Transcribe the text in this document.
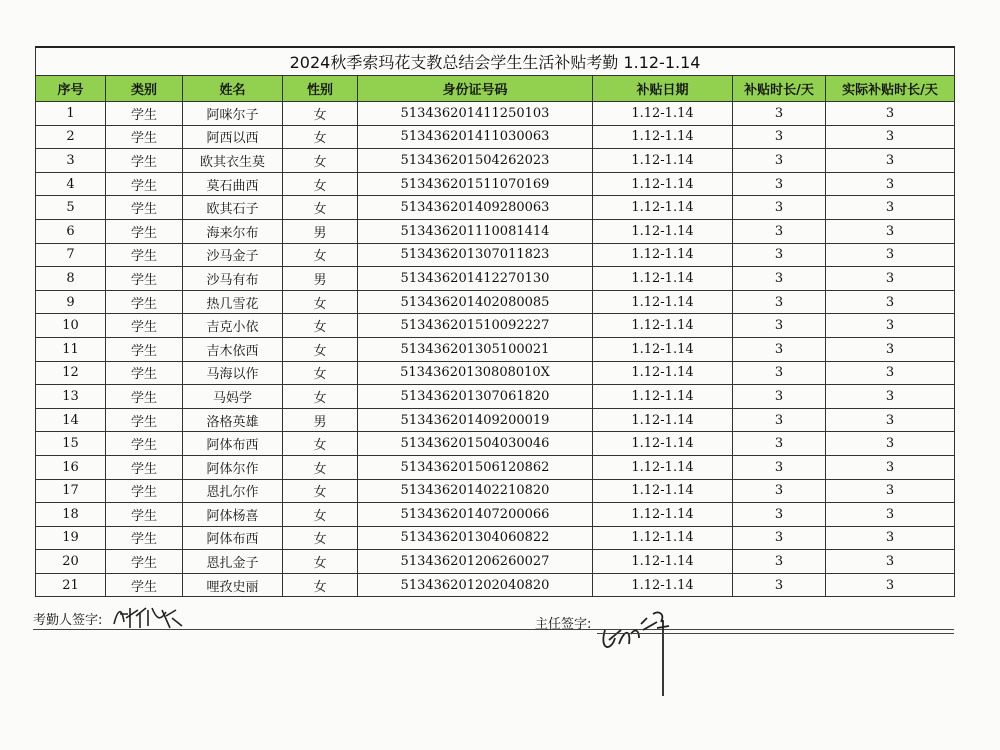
2024秋季索玛花支教总结会学生生活补贴考勤 1.12-1.14							
序号	类别	姓名	性别	身份证号码	补贴日期	补贴时长/天	实际补贴时长/天
1	学生	阿咪尔子	女	513436201411250103	1.12-1.14	3	3
2	学生	阿西以西	女	513436201411030063	1.12-1.14	3	3
3	学生	欧其衣生莫	女	513436201504262023	1.12-1.14	3	3
4	学生	莫石曲西	女	513436201511070169	1.12-1.14	3	3
5	学生	欧其石子	女	513436201409280063	1.12-1.14	3	3
6	学生	海来尔布	男	513436201110081414	1.12-1.14	3	3
7	学生	沙马金子	女	513436201307011823	1.12-1.14	3	3
8	学生	沙马有布	男	513436201412270130	1.12-1.14	3	3
9	学生	热几雪花	女	513436201402080085	1.12-1.14	3	3
10	学生	吉克小依	女	513436201510092227	1.12-1.14	3	3
11	学生	吉木依西	女	513436201305100021	1.12-1.14	3	3
12	学生	马海以作	女	51343620130808010X	1.12-1.14	3	3
13	学生	马妈学	女	513436201307061820	1.12-1.14	3	3
14	学生	洛格英雄	男	513436201409200019	1.12-1.14	3	3
15	学生	阿体布西	女	513436201504030046	1.12-1.14	3	3
16	学生	阿体尔作	女	513436201506120862	1.12-1.14	3	3
17	学生	恩扎尔作	女	513436201402210820	1.12-1.14	3	3
18	学生	阿体杨喜	女	513436201407200066	1.12-1.14	3	3
19	学生	阿体布西	女	513436201304060822	1.12-1.14	3	3
20	学生	恩扎金子	女	513436201206260027	1.12-1.14	3	3
21	学生	哩孜史丽	女	513436201202040820	1.12-1.14	3	3
考勤人签字:	主任签字:
